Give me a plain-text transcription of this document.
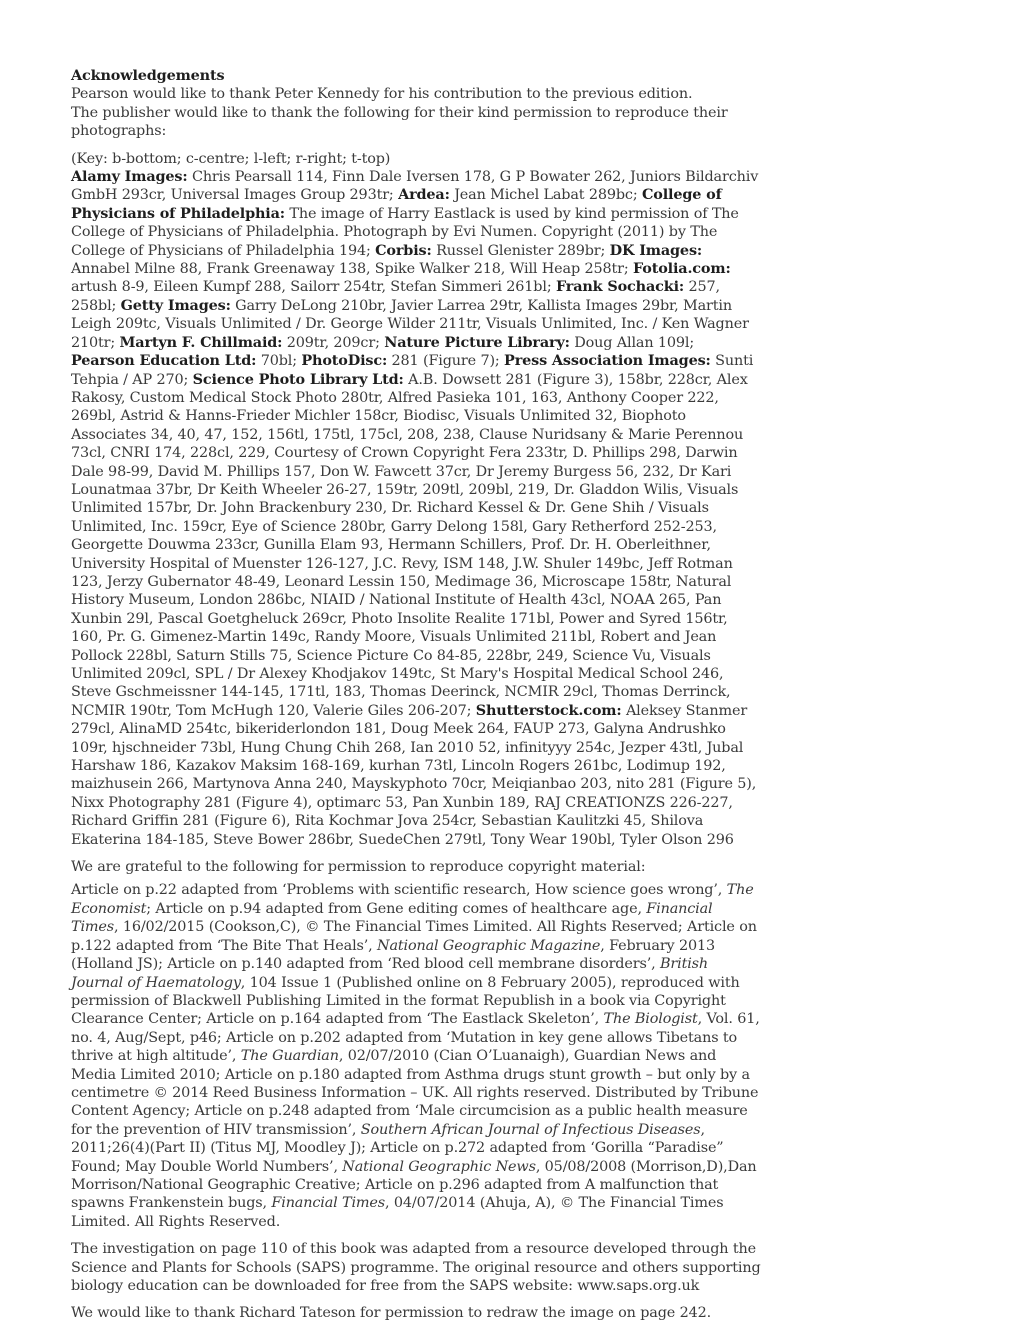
Acknowledgements

Pearson would like to thank Peter Kennedy for his contribution to the previous edition.

The publisher would like to thank the following for their kind permission to reproduce their photographs:

(Key: b-bottom; c-centre; l-left; r-right; t-top)

Alamy Images: Chris Pearsall 114, Finn Dale Iversen 178, G P Bowater 262, Juniors Bildarchiv GmbH 293cr, Universal Images Group 293tr; Ardea: Jean Michel Labat 289bc; College of Physicians of Philadelphia: The image of Harry Eastlack is used by kind permission of The College of Physicians of Philadelphia. Photograph by Evi Numen. Copyright (2011) by The College of Physicians of Philadelphia 194; Corbis: Russel Glenister 289br; DK Images: Annabel Milne 88, Frank Greenaway 138, Spike Walker 218, Will Heap 258tr; Fotolia.com: artush 8-9, Eileen Kumpf 288, Sailorr 254tr, Stefan Simmeri 261bl; Frank Sochacki: 257, 258bl; Getty Images: Garry DeLong 210br, Javier Larrea 29tr, Kallista Images 29br, Martin Leigh 209tc, Visuals Unlimited / Dr. George Wilder 211tr, Visuals Unlimited, Inc. / Ken Wagner 210tr; Martyn F. Chillmaid: 209tr, 209cr; Nature Picture Library: Doug Allan 109l; Pearson Education Ltd: 70bl; PhotoDisc: 281 (Figure 7); Press Association Images: Sunti Tehpia / AP 270; Science Photo Library Ltd: A.B. Dowsett 281 (Figure 3), 158br, 228cr, Alex Rakosy, Custom Medical Stock Photo 280tr, Alfred Pasieka 101, 163, Anthony Cooper 222, 269bl, Astrid & Hanns-Frieder Michler 158cr, Biodisc, Visuals Unlimited 32, Biophoto Associates 34, 40, 47, 152, 156tl, 175tl, 175cl, 208, 238, Clause Nuridsany & Marie Perennou 73cl, CNRI 174, 228cl, 229, Courtesy of Crown Copyright Fera 233tr, D. Phillips 298, Darwin Dale 98-99, David M. Phillips 157, Don W. Fawcett 37cr, Dr Jeremy Burgess 56, 232, Dr Kari Lounatmaa 37br, Dr Keith Wheeler 26-27, 159tr, 209tl, 209bl, 219, Dr. Gladdon Wilis, Visuals Unlimited 157br, Dr. John Brackenbury 230, Dr. Richard Kessel & Dr. Gene Shih / Visuals Unlimited, Inc. 159cr, Eye of Science 280br, Garry Delong 158l, Gary Retherford 252-253, Georgette Douwma 233cr, Gunilla Elam 93, Hermann Schillers, Prof. Dr. H. Oberleithner, University Hospital of Muenster 126-127, J.C. Revy, ISM 148, J.W. Shuler 149bc, Jeff Rotman 123, Jerzy Gubernator 48-49, Leonard Lessin 150, Medimage 36, Microscape 158tr, Natural History Museum, London 286bc, NIAID / National Institute of Health 43cl, NOAA 265, Pan Xunbin 29l, Pascal Goetgheluck 269cr, Photo Insolite Realite 171bl, Power and Syred 156tr, 160, Pr. G. Gimenez-Martin 149c, Randy Moore, Visuals Unlimited 211bl, Robert and Jean Pollock 228bl, Saturn Stills 75, Science Picture Co 84-85, 228br, 249, Science Vu, Visuals Unlimited 209cl, SPL / Dr Alexey Khodjakov 149tc, St Mary's Hospital Medical School 246, Steve Gschmeissner 144-145, 171tl, 183, Thomas Deerinck, NCMIR 29cl, Thomas Derrinck, NCMIR 190tr, Tom McHugh 120, Valerie Giles 206-207; Shutterstock.com: Aleksey Stanmer 279cl, AlinaMD 254tc, bikeriderlondon 181, Doug Meek 264, FAUP 273, Galyna Andrushko 109r, hjschneider 73bl, Hung Chung Chih 268, Ian 2010 52, infinityyy 254c, Jezper 43tl, Jubal Harshaw 186, Kazakov Maksim 168-169, kurhan 73tl, Lincoln Rogers 261bc, Lodimup 192, maizhusein 266, Martynova Anna 240, Mayskyphoto 70cr, Meiqianbao 203, nito 281 (Figure 5), Nixx Photography 281 (Figure 4), optimarc 53, Pan Xunbin 189, RAJ CREATIONZS 226-227, Richard Griffin 281 (Figure 6), Rita Kochmar Jova 254cr, Sebastian Kaulitzki 45, Shilova Ekaterina 184-185, Steve Bower 286br, SuedeChen 279tl, Tony Wear 190bl, Tyler Olson 296

We are grateful to the following for permission to reproduce copyright material:

Article on p.22 adapted from ‘Problems with scientific research, How science goes wrong’, The Economist; Article on p.94 adapted from Gene editing comes of healthcare age, Financial Times, 16/02/2015 (Cookson,C), © The Financial Times Limited. All Rights Reserved; Article on p.122 adapted from ‘The Bite That Heals’, National Geographic Magazine, February 2013 (Holland JS); Article on p.140 adapted from ‘Red blood cell membrane disorders’, British Journal of Haematology, 104 Issue 1 (Published online on 8 February 2005), reproduced with permission of Blackwell Publishing Limited in the format Republish in a book via Copyright Clearance Center; Article on p.164 adapted from ‘The Eastlack Skeleton’, The Biologist, Vol. 61, no. 4, Aug/Sept, p46; Article on p.202 adapted from ‘Mutation in key gene allows Tibetans to thrive at high altitude’, The Guardian, 02/07/2010 (Cian O’Luanaigh), Guardian News and Media Limited 2010; Article on p.180 adapted from Asthma drugs stunt growth – but only by a centimetre © 2014 Reed Business Information – UK. All rights reserved. Distributed by Tribune Content Agency; Article on p.248 adapted from ‘Male circumcision as a public health measure for the prevention of HIV transmission’, Southern African Journal of Infectious Diseases, 2011;26(4)(Part II) (Titus MJ, Moodley J); Article on p.272 adapted from ‘Gorilla “Paradise” Found; May Double World Numbers’, National Geographic News, 05/08/2008 (Morrison,D),Dan Morrison/National Geographic Creative; Article on p.296 adapted from A malfunction that spawns Frankenstein bugs, Financial Times, 04/07/2014 (Ahuja, A), © The Financial Times Limited. All Rights Reserved.

The investigation on page 110 of this book was adapted from a resource developed through the Science and Plants for Schools (SAPS) programme. The original resource and others supporting biology education can be downloaded for free from the SAPS website: www.saps.org.uk

We would like to thank Richard Tateson for permission to redraw the image on page 242.
